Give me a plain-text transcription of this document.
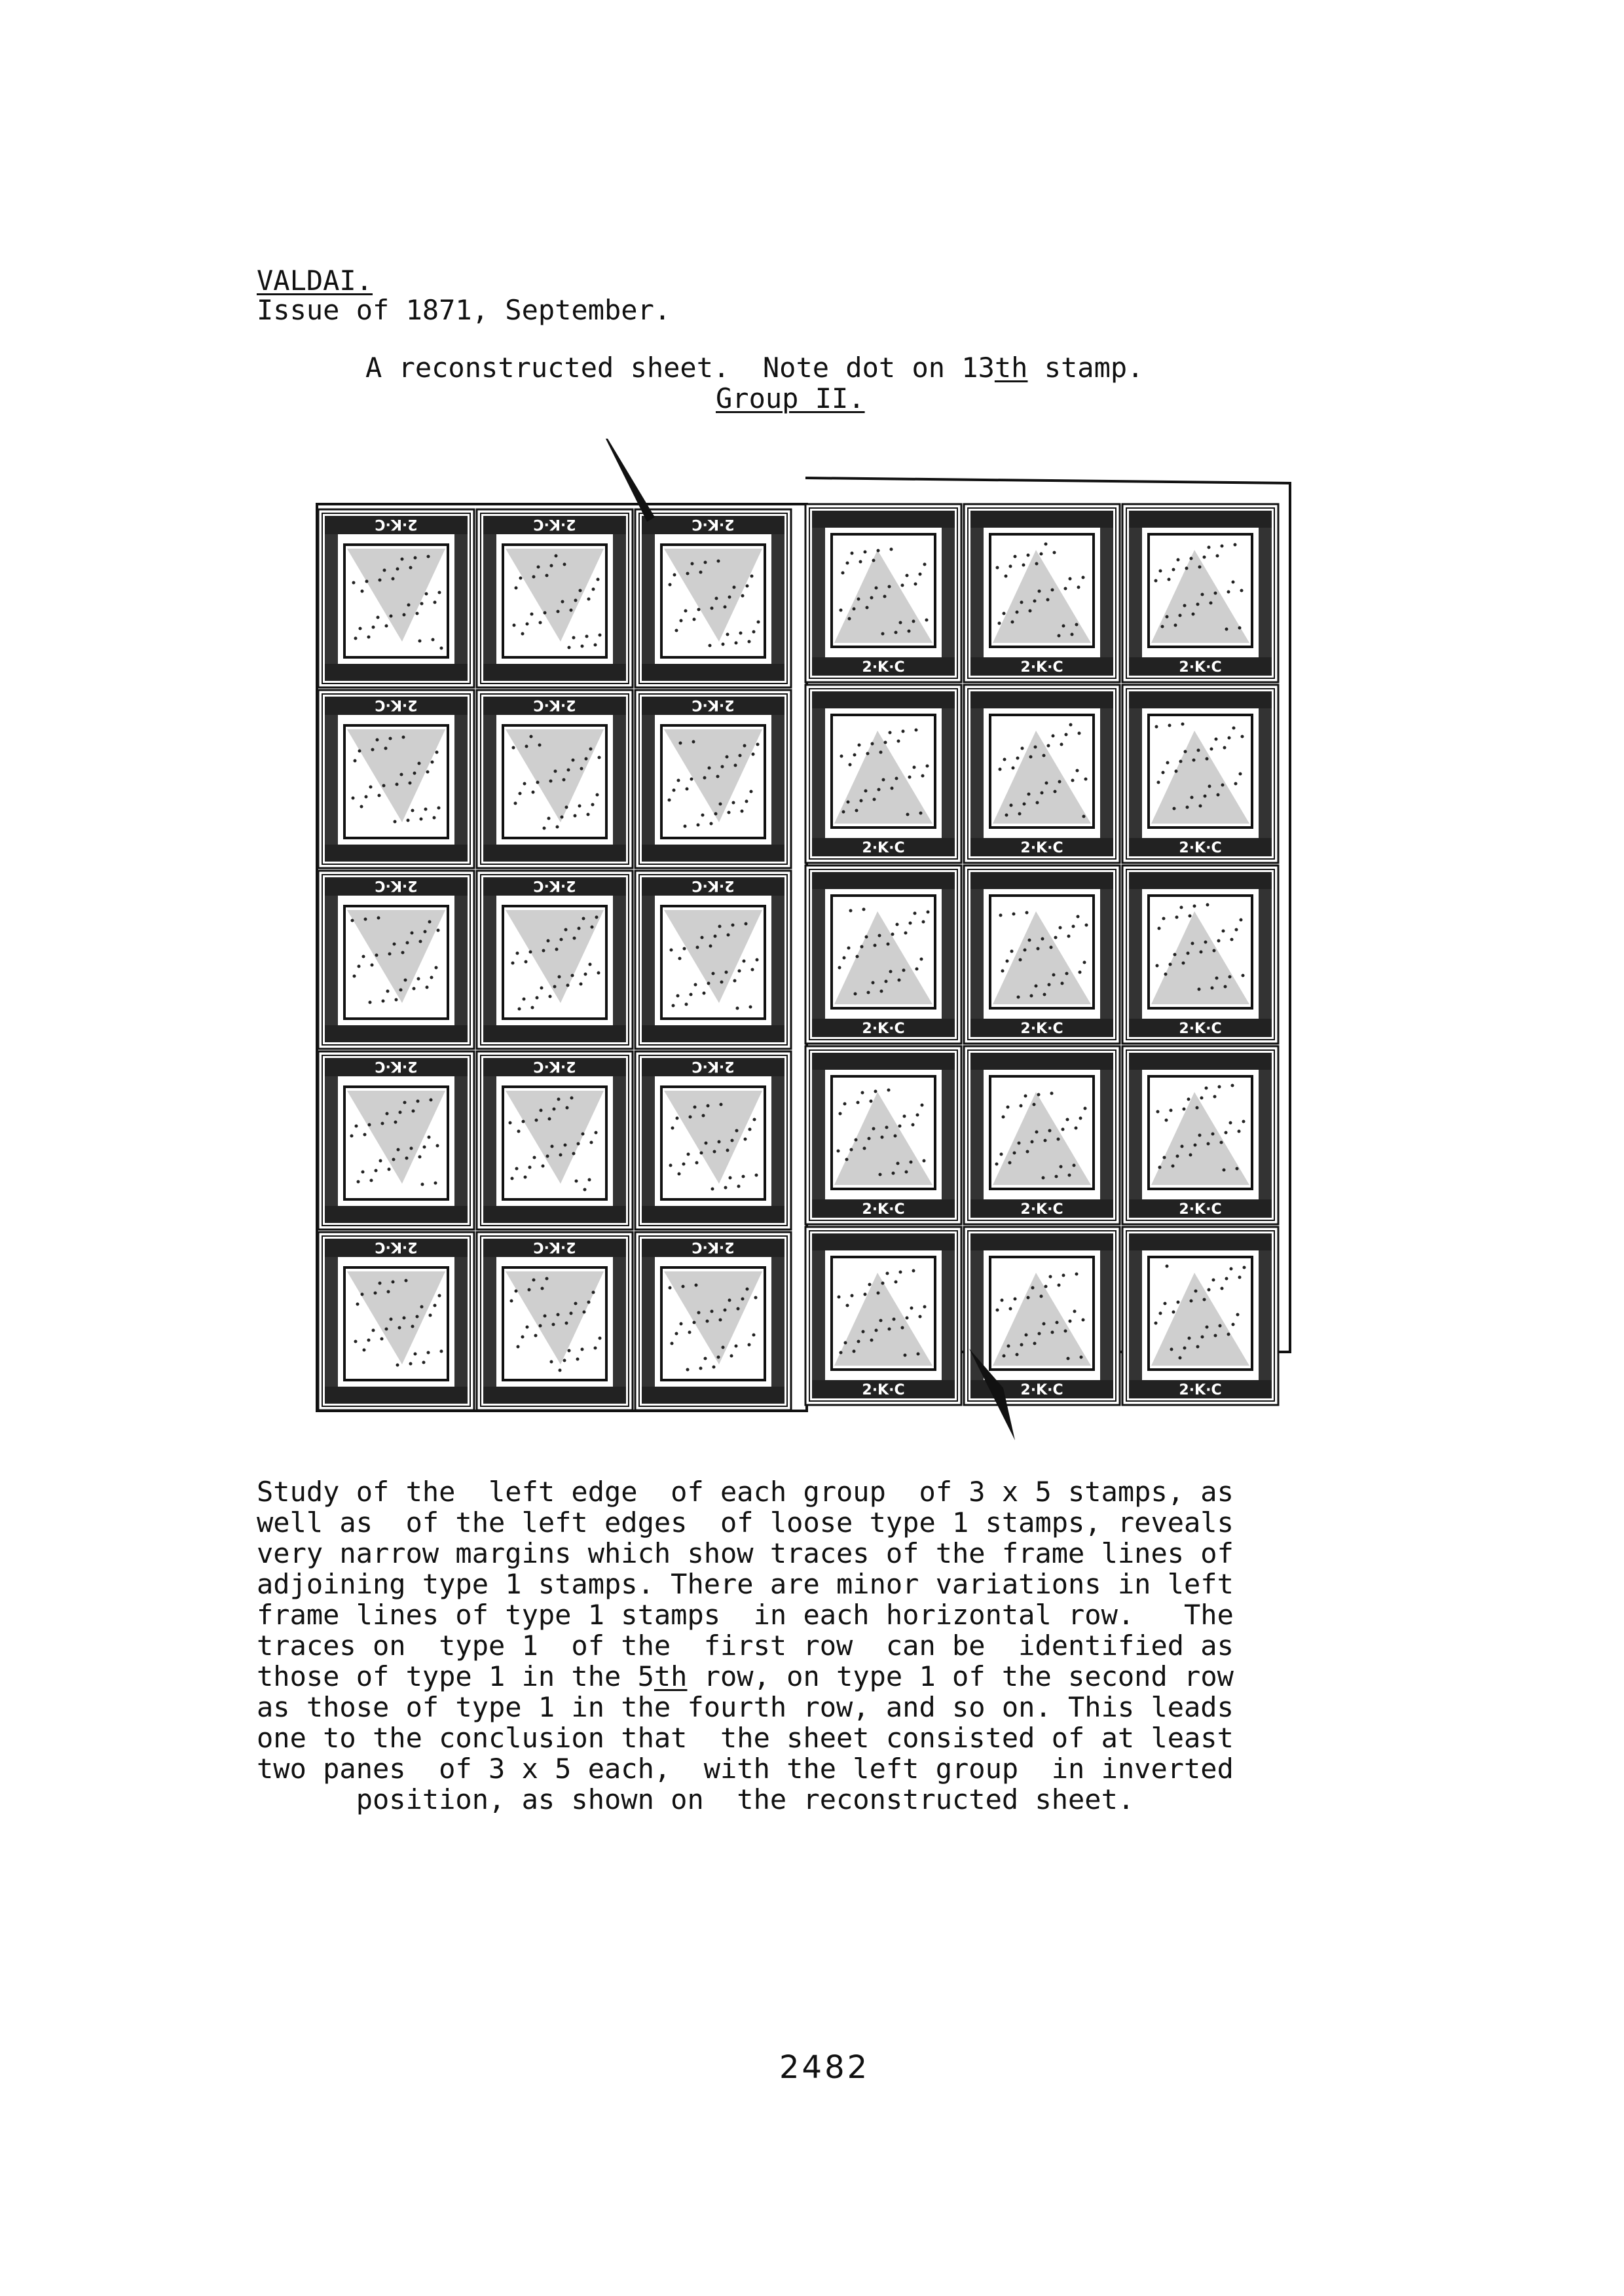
VALDAI.
Issue of 1871, September.
A reconstructed sheet.  Note dot on 13th stamp.
Group II.
2·K·C	2·K·C	2·K·C
2·K·C	2·K·C	2·K·C
2·K·C	2·K·C	2·K·C
2·K·C	2·K·C	2·K·C
2·K·C	2·K·C	2·K·C
2·K·C	2·K·C	2·K·C
2·K·C	2·K·C	2·K·C
2·K·C	2·K·C	2·K·C
2·K·C	2·K·C	2·K·C
2·K·C	2·K·C	2·K·C
2482
Study of the  left edge  of each group  of 3 x 5 stamps, as
well as  of the left edges  of loose type 1 stamps, reveals
very narrow margins which show traces of the frame lines of
adjoining type 1 stamps. There are minor variations in left
frame lines of type 1 stamps  in each horizontal row.   The
traces on  type 1  of the  first row  can be  identified as
those of type 1 in the 5th row, on type 1 of the second row
as those of type 1 in the fourth row, and so on. This leads
one to the conclusion that  the sheet consisted of at least
two panes  of 3 x 5 each,  with the left group  in inverted
position, as shown on  the reconstructed sheet.
